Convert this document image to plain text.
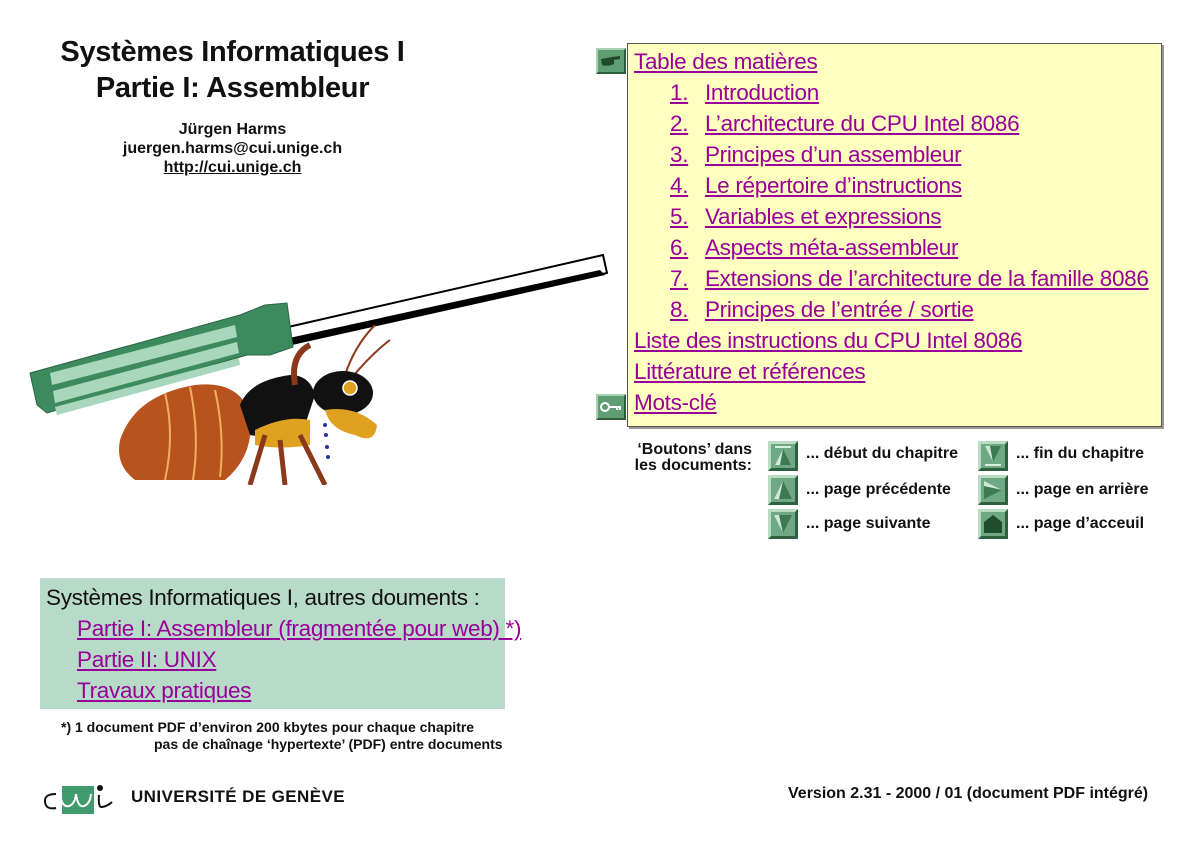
Systèmes Informatiques I
Partie I: Assembleur
Jürgen Harms
juergen.harms@cui.unige.ch
http://cui.unige.ch
Table des matières
1. Introduction
2. L’architecture du CPU Intel 8086
3. Principes d’un assembleur
4. Le répertoire d’instructions
5. Variables et expressions
6. Aspects méta-assembleur
7. Extensions de l’architecture de la famille 8086
8. Principes de l’entrée / sortie
Liste des instructions du CPU Intel 8086
Littérature et références
Mots-clé
‘Boutons’ dans
les documents:
... début du chapitre
... page précédente
... page suivante
... fin du chapitre
... page en arrière
... page d’acceuil
Systèmes Informatiques I, autres douments :
Partie I: Assembleur (fragmentée pour web) *)
Partie II: UNIX
Travaux pratiques
*) 1 document PDF d’environ 200 kbytes pour chaque chapitre
pas de chaînage ‘hypertexte’ (PDF) entre documents
UNIVERSITÉ DE GENÈVE	Version 2.31 - 2000 / 01 (document PDF intégré)
